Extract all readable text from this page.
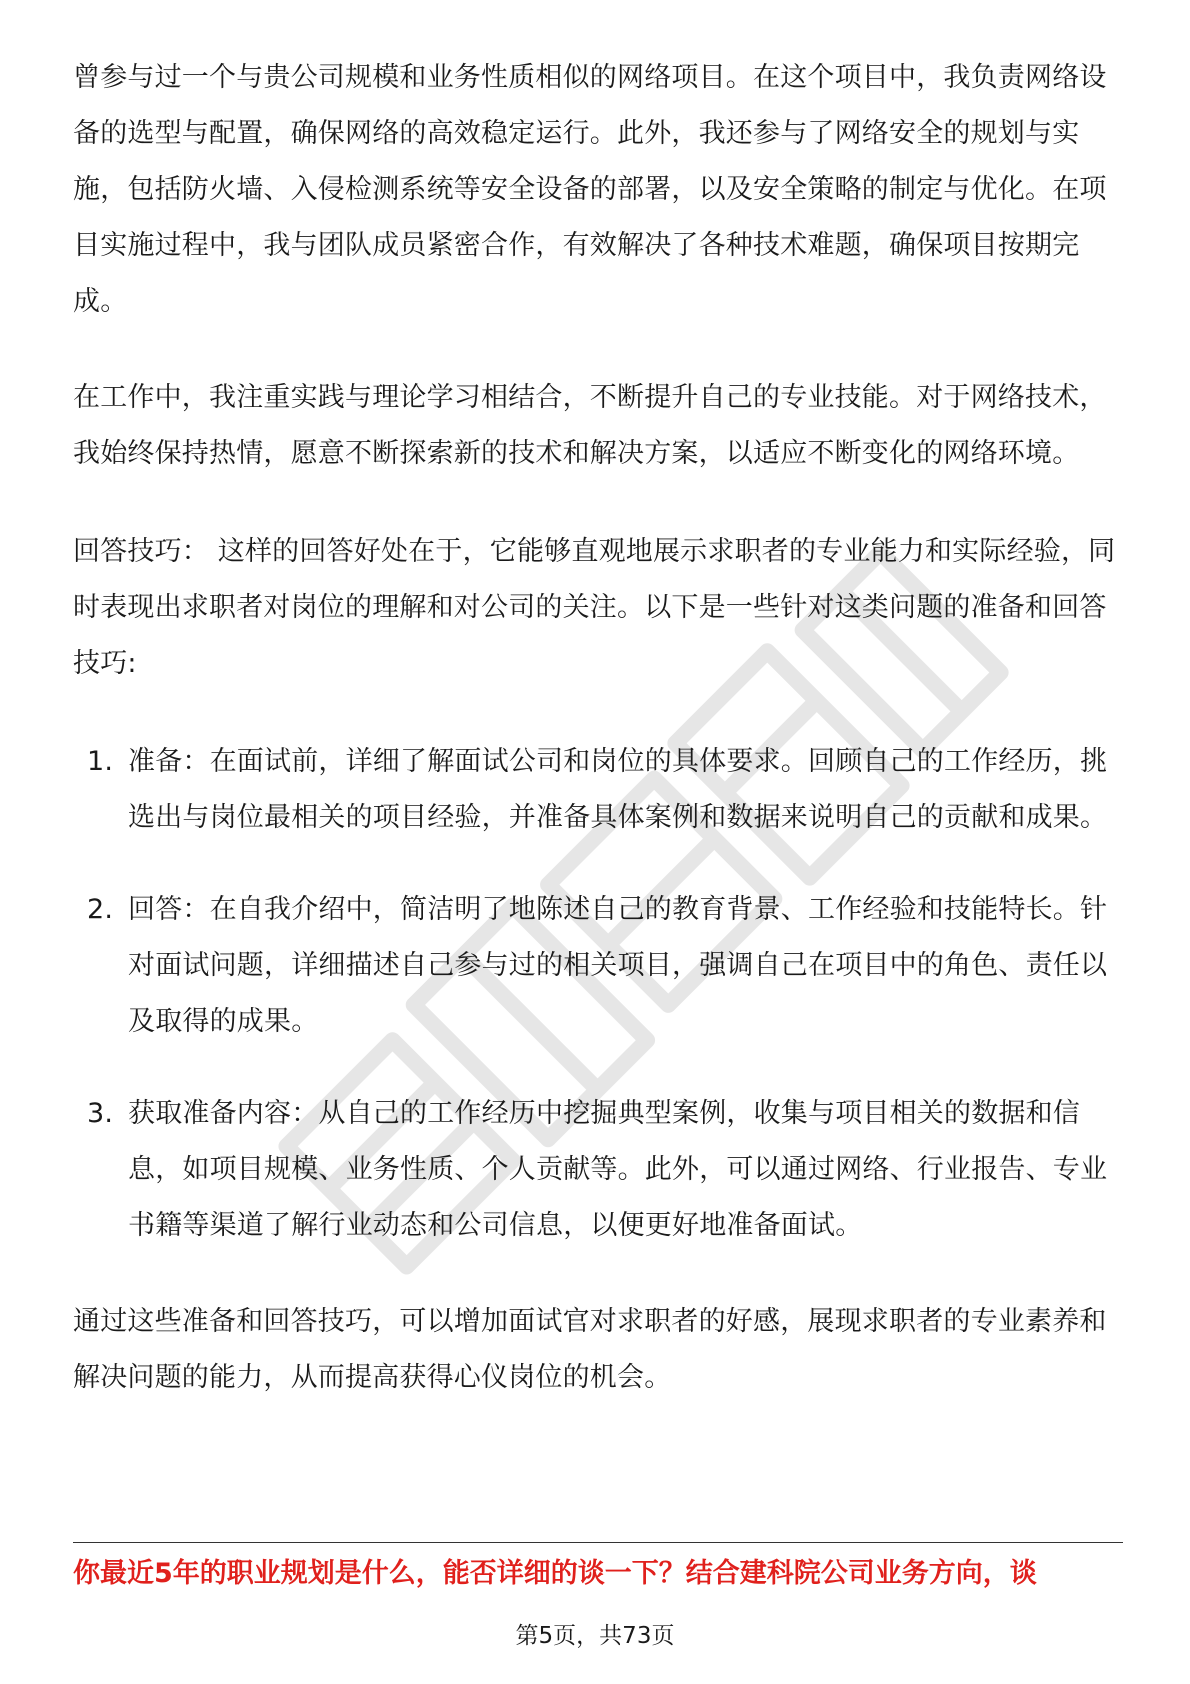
曾参与过一个与贵公司规模和业务性质相似的网络项目。在这个项目中，我负责网络设备的选型与配置，确保网络的高效稳定运行。此外，我还参与了网络安全的规划与实施，包括防火墙、入侵检测系统等安全设备的部署，以及安全策略的制定与优化。在项目实施过程中，我与团队成员紧密合作，有效解决了各种技术难题，确保项目按期完成。

在工作中，我注重实践与理论学习相结合，不断提升自己的专业技能。对于网络技术，我始终保持热情，愿意不断探索新的技术和解决方案，以适应不断变化的网络环境。

回答技巧： 这样的回答好处在于，它能够直观地展示求职者的专业能力和实际经验，同时表现出求职者对岗位的理解和对公司的关注。以下是一些针对这类问题的准备和回答技巧:

1. 准备：在面试前，详细了解面试公司和岗位的具体要求。回顾自己的工作经历，挑选出与岗位最相关的项目经验，并准备具体案例和数据来说明自己的贡献和成果。
2. 回答：在自我介绍中，简洁明了地陈述自己的教育背景、工作经验和技能特长。针对面试问题，详细描述自己参与过的相关项目，强调自己在项目中的角色、责任以及取得的成果。
3. 获取准备内容：从自己的工作经历中挖掘典型案例，收集与项目相关的数据和信息，如项目规模、业务性质、个人贡献等。此外，可以通过网络、行业报告、专业书籍等渠道了解行业动态和公司信息，以便更好地准备面试。

通过这些准备和回答技巧，可以增加面试官对求职者的好感，展现求职者的专业素养和解决问题的能力，从而提高获得心仪岗位的机会。

你最近5年的职业规划是什么，能否详细的谈一下？结合建科院公司业务方向，谈
第5页，共73页
